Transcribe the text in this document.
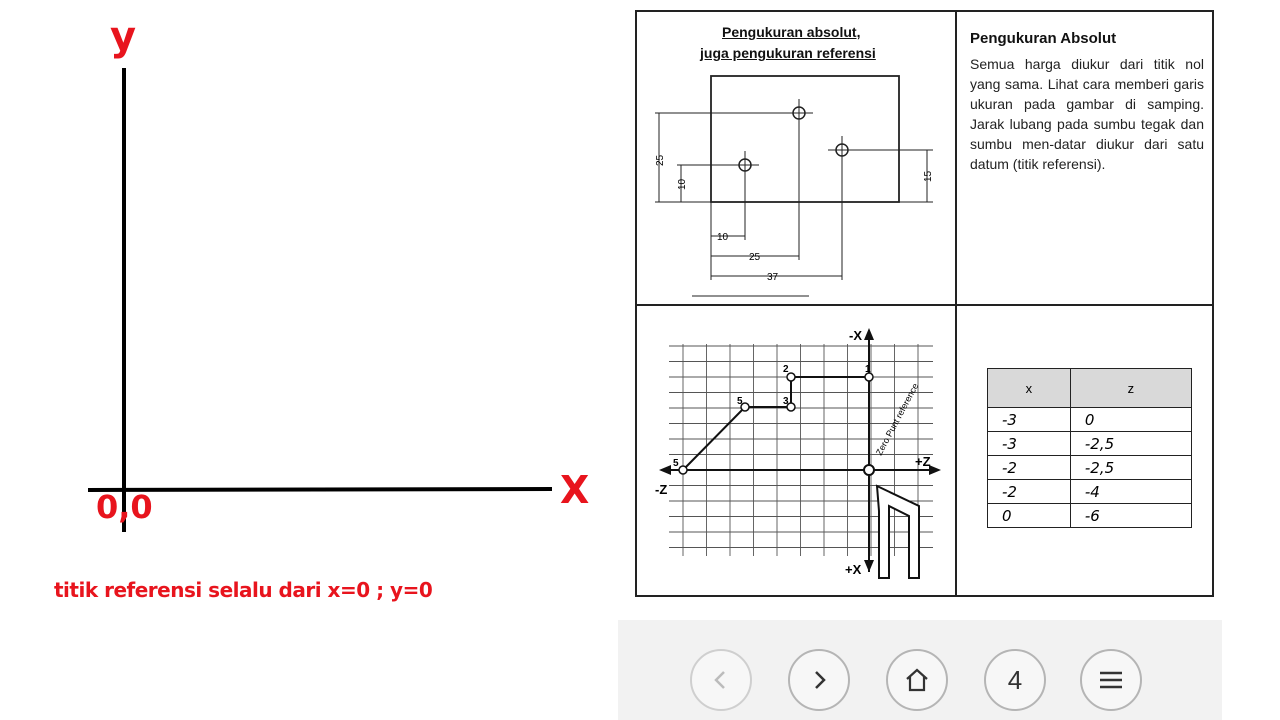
y
X
0,0
titik referensi selalu dari x=0 ; y=0
Pengukuran absolut,
juga pengukuran referensi
10
25
37
10
25
15
Pengukuran Absolut
Semua harga diukur dari titik nol yang sama. Lihat cara memberi garis ukuran pada gambar di samping. Jarak lubang pada sumbu tegak dan sumbu men-datar diukur dari satu datum (titik referensi).
-X
+X
-Z
+Z
1
2
3
5
5
Zero Punt reference	x	z
-3	0
-3	-2,5
-2	-2,5
-2	-4
0	-6
4
